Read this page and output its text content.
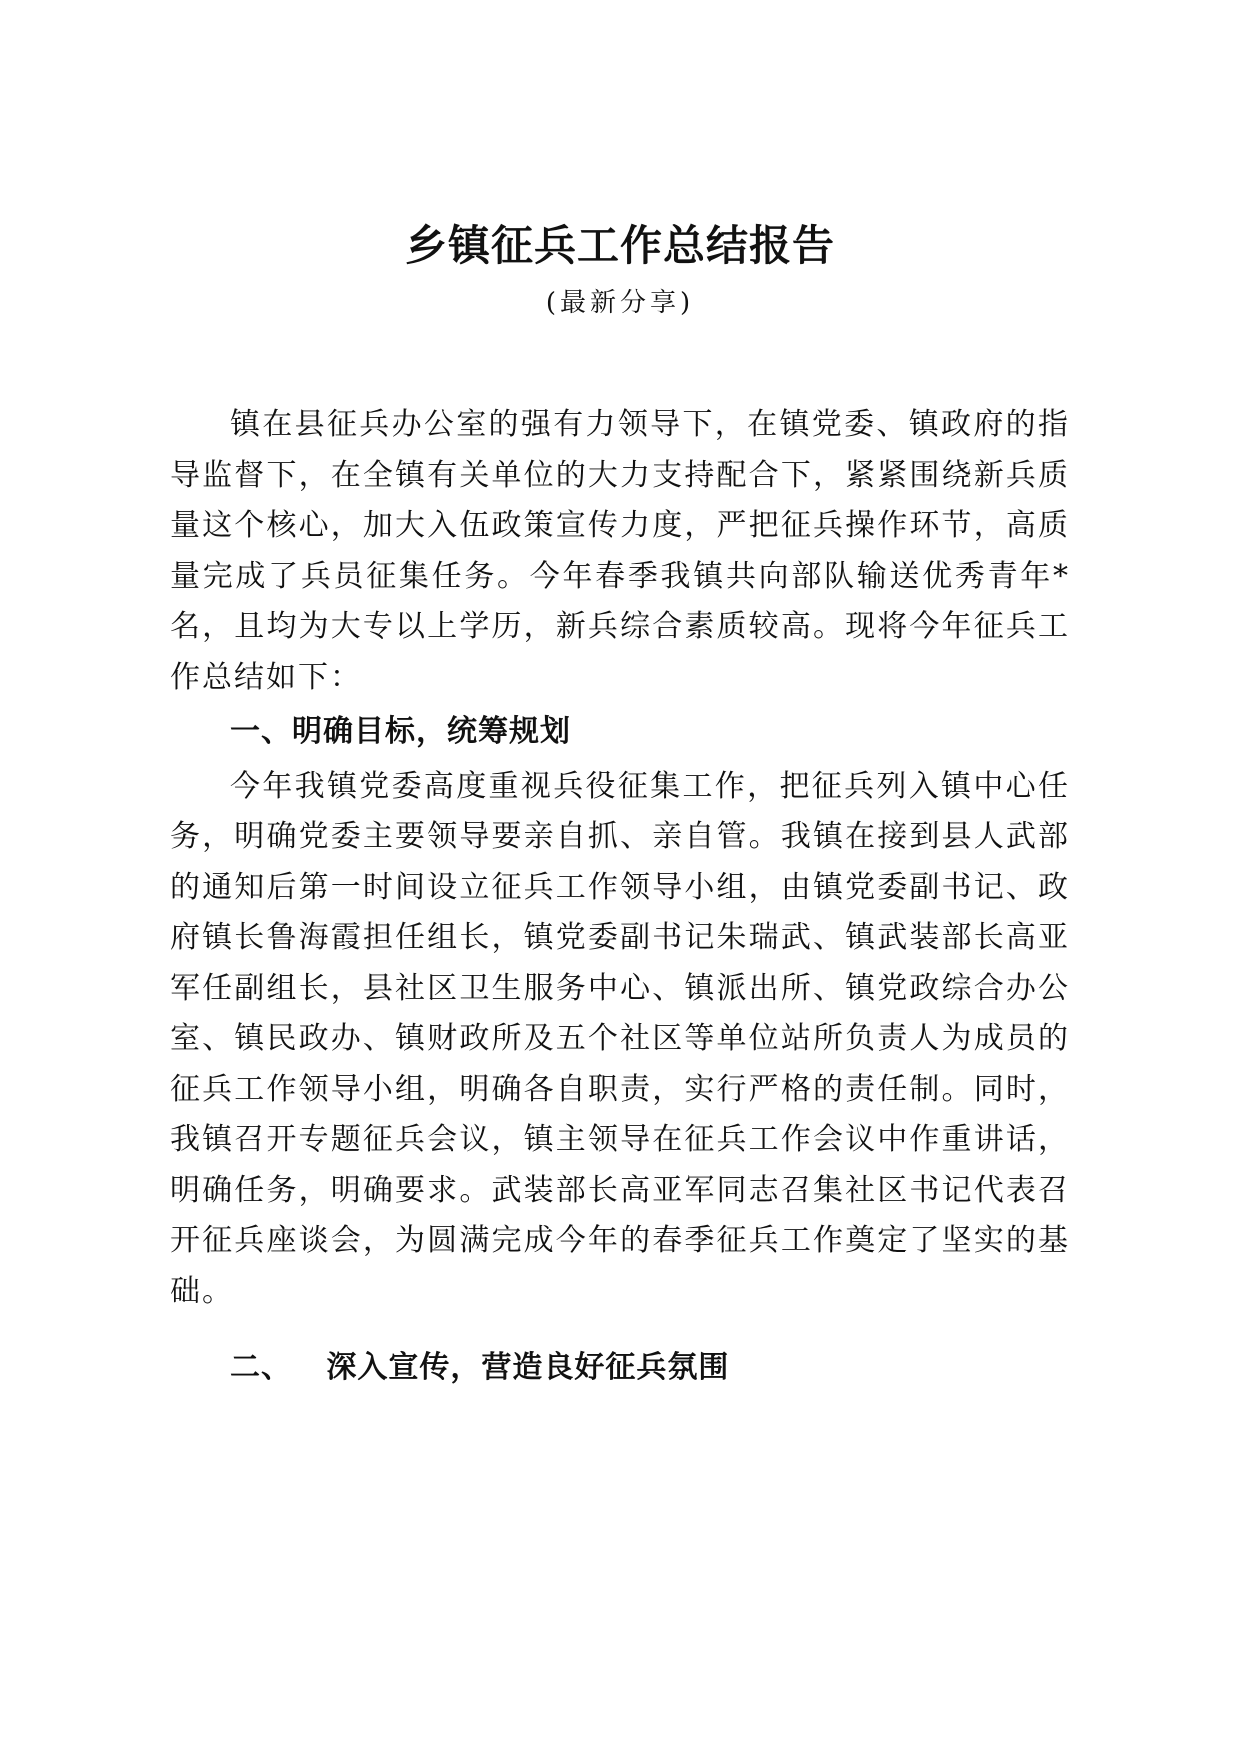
乡镇征兵工作总结报告

(最新分享)

镇在县征兵办公室的强有力领导下，在镇党委、镇政府的指导监督下，在全镇有关单位的大力支持配合下，紧紧围绕新兵质量这个核心，加大入伍政策宣传力度，严把征兵操作环节，高质量完成了兵员征集任务。今年春季我镇共向部队输送优秀青年*名，且均为大专以上学历，新兵综合素质较高。现将今年征兵工作总结如下：

一、明确目标，统筹规划

今年我镇党委高度重视兵役征集工作，把征兵列入镇中心任务，明确党委主要领导要亲自抓、亲自管。我镇在接到县人武部的通知后第一时间设立征兵工作领导小组，由镇党委副书记、政府镇长鲁海霞担任组长，镇党委副书记朱瑞武、镇武装部长高亚军任副组长，县社区卫生服务中心、镇派出所、镇党政综合办公室、镇民政办、镇财政所及五个社区等单位站所负责人为成员的征兵工作领导小组，明确各自职责，实行严格的责任制。同时，我镇召开专题征兵会议，镇主领导在征兵工作会议中作重讲话，明确任务，明确要求。武装部长高亚军同志召集社区书记代表召开征兵座谈会，为圆满完成今年的春季征兵工作奠定了坚实的基础。

二、 深入宣传，营造良好征兵氛围
